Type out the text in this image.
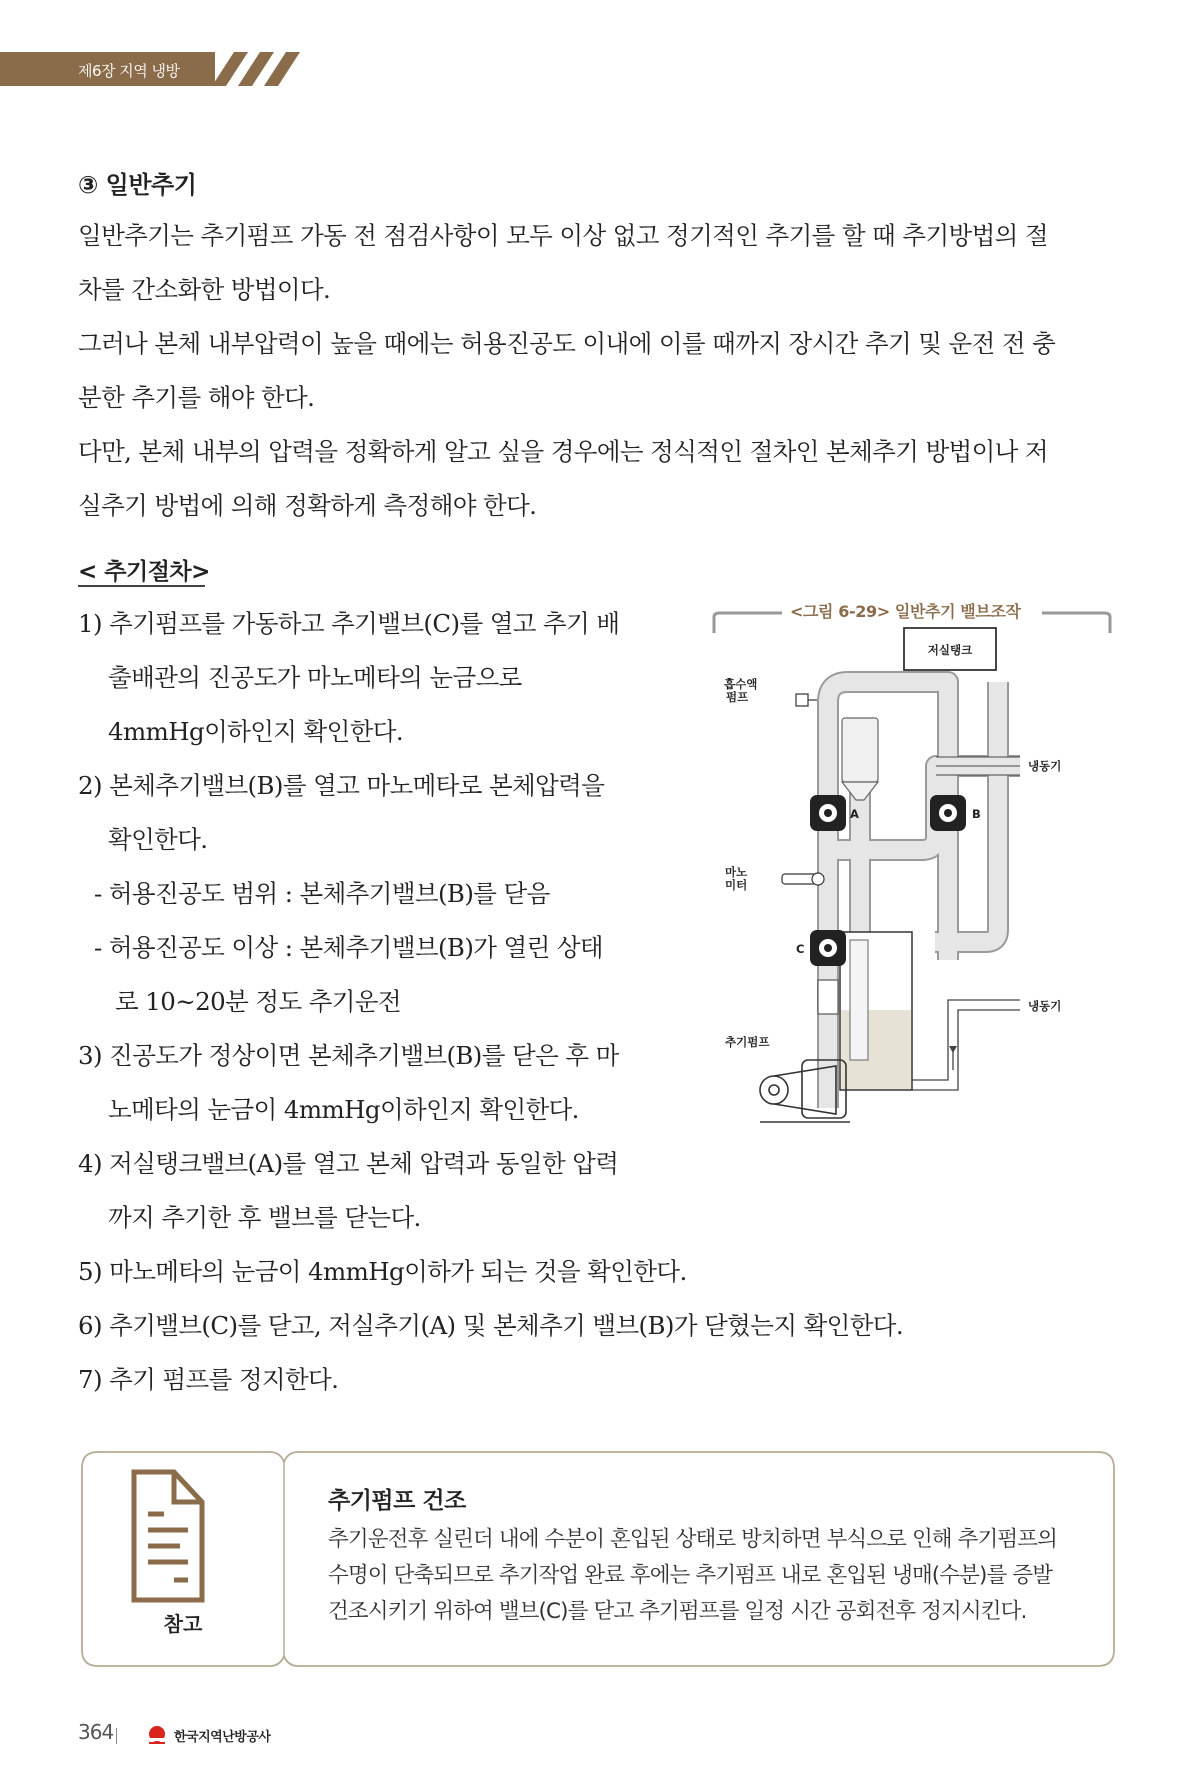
제6장 지역 냉방
③ 일반추기
일반추기는 추기펌프 가동 전 점검사항이 모두 이상 없고 정기적인 추기를 할 때 추기방법의 절
차를 간소화한 방법이다.
그러나 본체 내부압력이 높을 때에는 허용진공도 이내에 이를 때까지 장시간 추기 및 운전 전 충
분한 추기를 해야 한다.
다만, 본체 내부의 압력을 정확하게 알고 싶을 경우에는 정식적인 절차인 본체추기 방법이나 저
실추기 방법에 의해 정확하게 측정해야 한다.
< 추기절차>
1) 추기펌프를 가동하고 추기밸브(C)를 열고 추기 배
출배관의 진공도가 마노메타의 눈금으로
4mmHg이하인지 확인한다.
2) 본체추기밸브(B)를 열고 마노메타로 본체압력을
확인한다.
- 허용진공도 범위 : 본체추기밸브(B)를 닫음
- 허용진공도 이상 : 본체추기밸브(B)가 열린 상태
로 10~20분 정도 추기운전
3) 진공도가 정상이면 본체추기밸브(B)를 닫은 후 마
노메타의 눈금이 4mmHg이하인지 확인한다.
4) 저실탱크밸브(A)를 열고 본체 압력과 동일한 압력
까지 추기한 후 밸브를 닫는다.
5) 마노메타의 눈금이 4mmHg이하가 되는 것을 확인한다.
6) 추기밸브(C)를 닫고, 저실추기(A) 및 본체추기 밸브(B)가 닫혔는지 확인한다.
7) 추기 펌프를 정지한다.
<그림 6-29> 일반추기 밸브조작
저실탱크
흡수액 펌프
냉동기
A	B
마노 미터
C
냉동기
추기펌프
참고
추기펌프 건조
추기운전후 실린더 내에 수분이 혼입된 상태로 방치하면 부식으로 인해 추기펌프의
수명이 단축되므로 추기작업 완료 후에는 추기펌프 내로 혼입된 냉매(수분)를 증발
건조시키기 위하여 밸브(C)를 닫고 추기펌프를 일정 시간 공회전후 정지시킨다.
364	한국지역난방공사
